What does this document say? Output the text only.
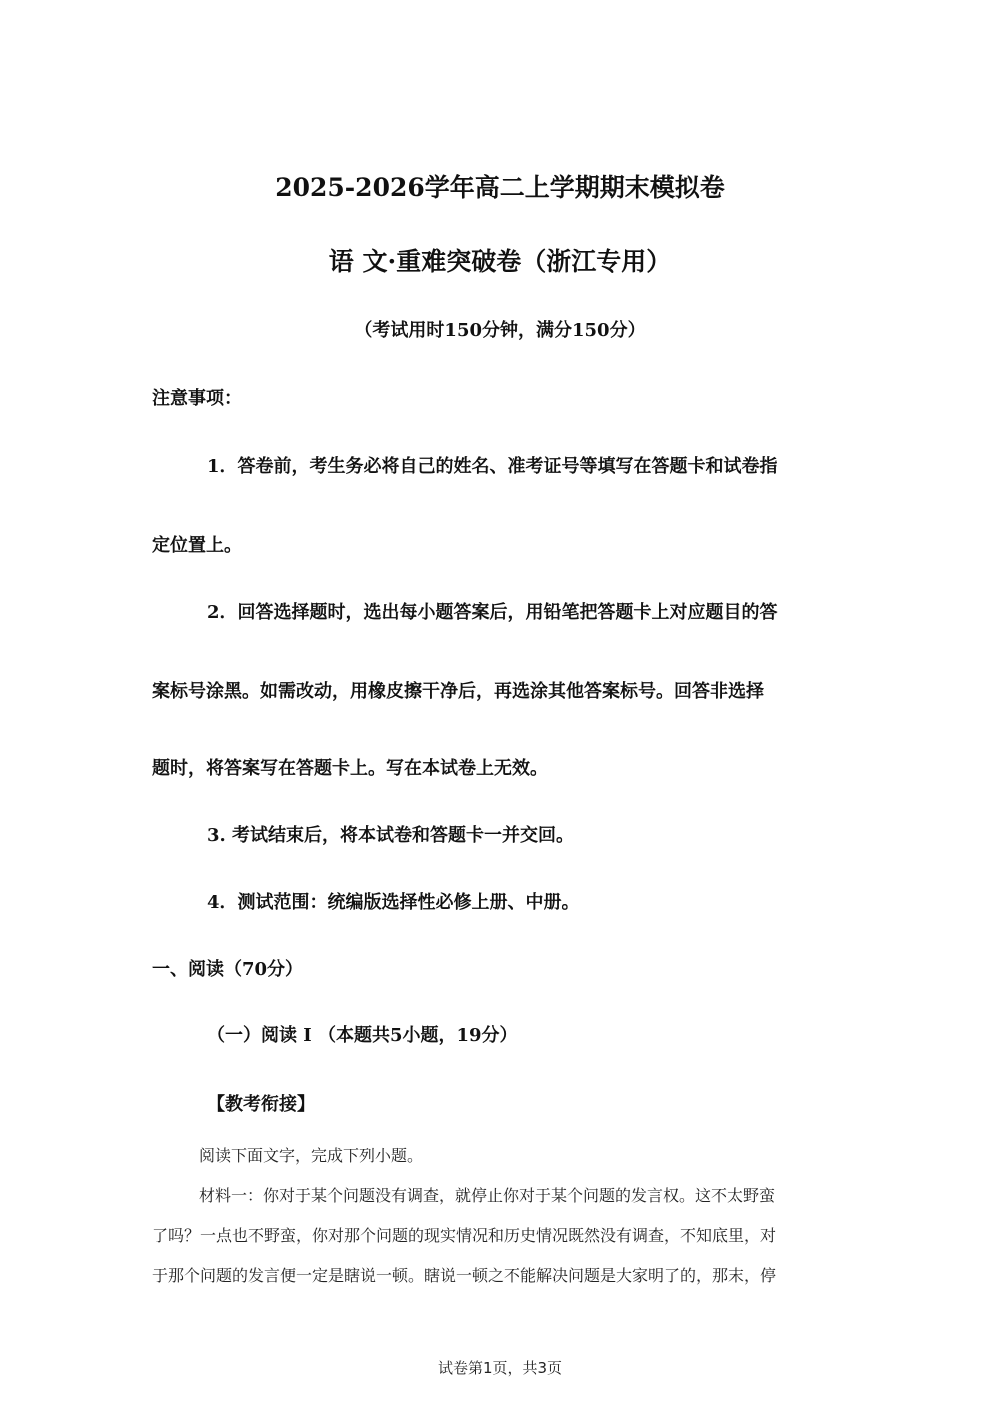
2025-2026学年高二上学期期末模拟卷
语 文·重难突破卷（浙江专用）
（考试用时150分钟，满分150分）
注意事项：
1．答卷前，考生务必将自己的姓名、准考证号等填写在答题卡和试卷指
定位置上。
2．回答选择题时，选出每小题答案后，用铅笔把答题卡上对应题目的答
案标号涂黑。如需改动，用橡皮擦干净后，再选涂其他答案标号。回答非选择
题时，将答案写在答题卡上。写在本试卷上无效。
3. 考试结束后，将本试卷和答题卡一并交回。
4．测试范围：统编版选择性必修上册、中册。
一、阅读（70分）
（一）阅读 I （本题共5小题，19分）
【教考衔接】
阅读下面文字，完成下列小题。
材料一：你对于某个问题没有调查，就停止你对于某个问题的发言权。这不太野蛮
了吗？一点也不野蛮，你对那个问题的现实情况和历史情况既然没有调查，不知底里，对
于那个问题的发言便一定是瞎说一顿。瞎说一顿之不能解决问题是大家明了的，那末，停
试卷第1页，共3页
